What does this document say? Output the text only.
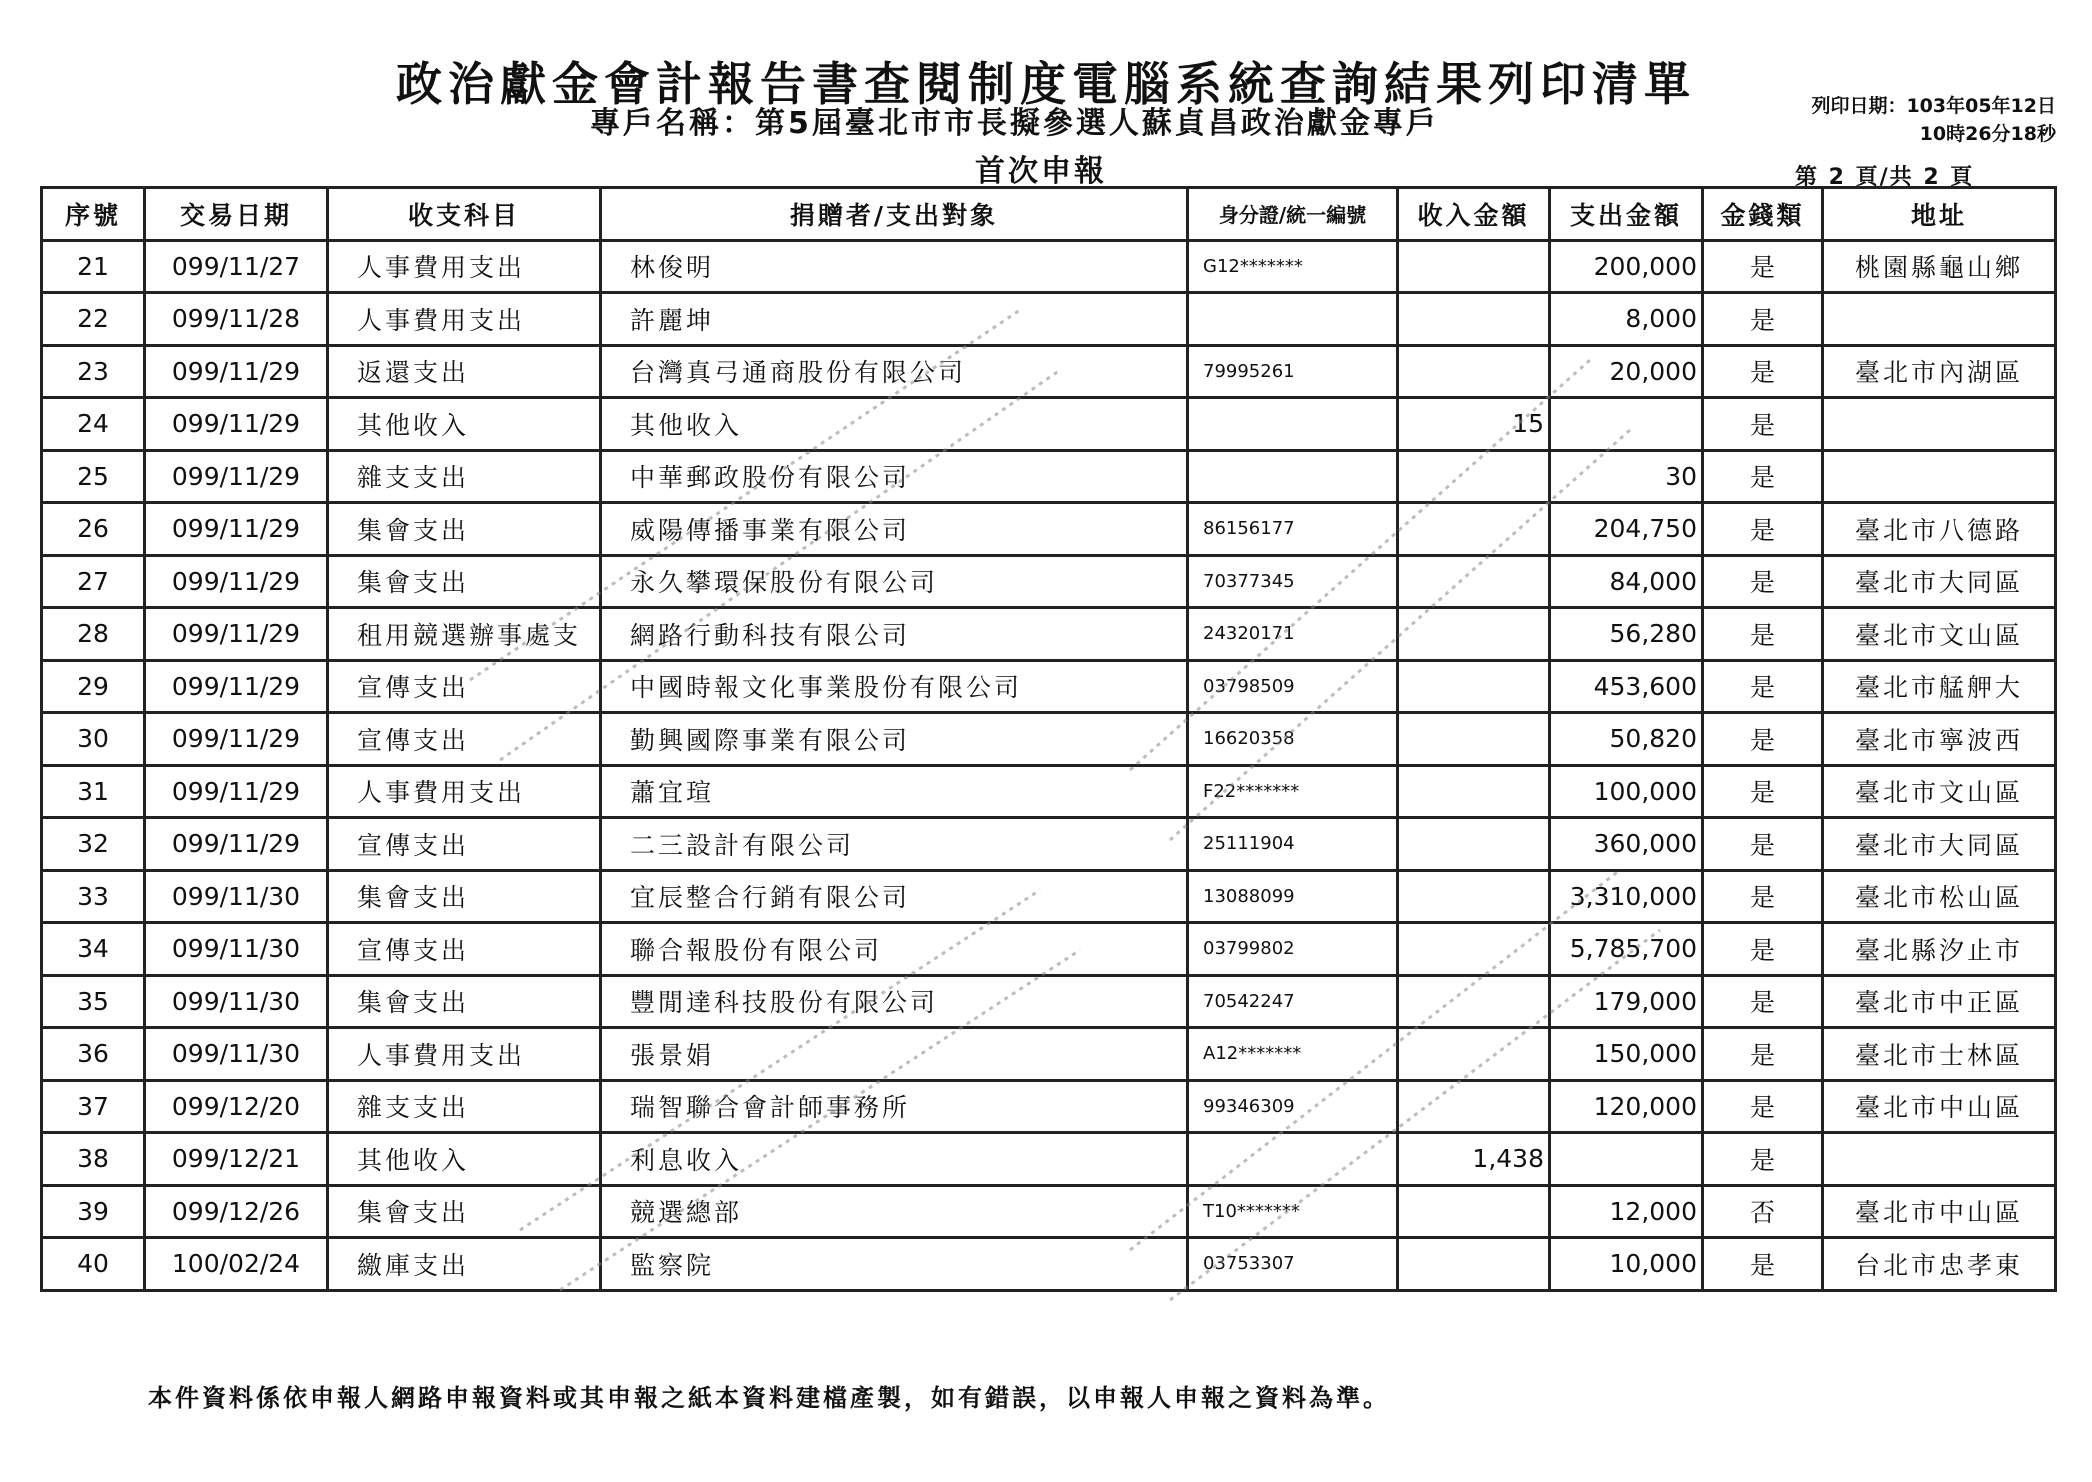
政治獻金會計報告書查閱制度電腦系統查詢結果列印清單
專戶名稱：第5屆臺北市市長擬參選人蘇貞昌政治獻金專戶
首次申報
列印日期：103年05年12日
10時26分18秒
第 2 頁/共 2 頁
序號	交易日期	收支科目	捐贈者/支出對象	身分證/統一編號	收入金額	支出金額	金錢類	地址
21	099/11/27	人事費用支出	林俊明	G12*******		200,000	是	桃園縣龜山鄉
22	099/11/28	人事費用支出	許麗坤			8,000	是	
23	099/11/29	返還支出	台灣真弓通商股份有限公司	79995261		20,000	是	臺北市內湖區
24	099/11/29	其他收入	其他收入		15		是	
25	099/11/29	雜支支出	中華郵政股份有限公司			30	是	
26	099/11/29	集會支出	威陽傳播事業有限公司	86156177		204,750	是	臺北市八德路
27	099/11/29	集會支出	永久攀環保股份有限公司	70377345		84,000	是	臺北市大同區
28	099/11/29	租用競選辦事處支	網路行動科技有限公司	24320171		56,280	是	臺北市文山區
29	099/11/29	宣傳支出	中國時報文化事業股份有限公司	03798509		453,600	是	臺北市艋舺大
30	099/11/29	宣傳支出	勤興國際事業有限公司	16620358		50,820	是	臺北市寧波西
31	099/11/29	人事費用支出	蕭宜瑄	F22*******		100,000	是	臺北市文山區
32	099/11/29	宣傳支出	二三設計有限公司	25111904		360,000	是	臺北市大同區
33	099/11/30	集會支出	宜辰整合行銷有限公司	13088099		3,310,000	是	臺北市松山區
34	099/11/30	宣傳支出	聯合報股份有限公司	03799802		5,785,700	是	臺北縣汐止市
35	099/11/30	集會支出	豐閒達科技股份有限公司	70542247		179,000	是	臺北市中正區
36	099/11/30	人事費用支出	張景娟	A12*******		150,000	是	臺北市士林區
37	099/12/20	雜支支出	瑞智聯合會計師事務所	99346309		120,000	是	臺北市中山區
38	099/12/21	其他收入	利息收入		1,438		是	
39	099/12/26	集會支出	競選總部	T10*******		12,000	否	臺北市中山區
40	100/02/24	繳庫支出	監察院	03753307		10,000	是	台北市忠孝東
本件資料係依申報人網路申報資料或其申報之紙本資料建檔產製，如有錯誤，以申報人申報之資料為準。
